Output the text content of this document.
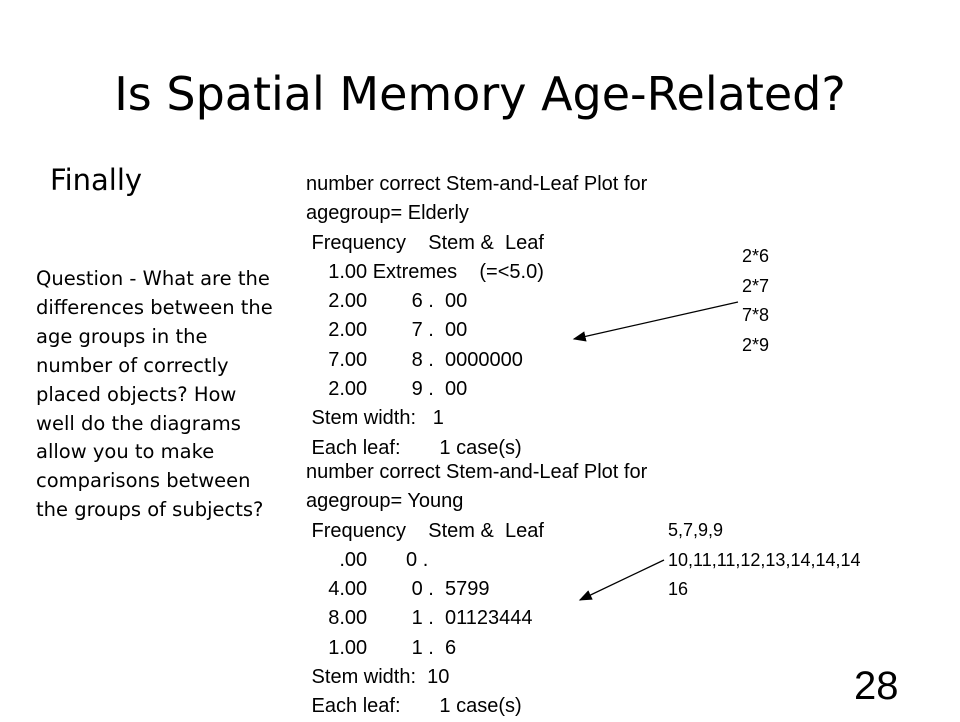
Is Spatial Memory Age-Related?
Finally
Question - What are the differences between the age groups in the number of correctly placed objects? How well do the diagrams allow you to make comparisons between the groups of subjects?
number correct Stem-and-Leaf Plot for
agegroup= Elderly
Frequency    Stem &  Leaf
1.00 Extremes    (=<5.0)
2.00        6 .  00
2.00        7 .  00
7.00        8 .  0000000
2.00        9 .  00
Stem width:   1
Each leaf:       1 case(s)
number correct Stem-and-Leaf Plot for
agegroup= Young
Frequency    Stem &  Leaf
.00       0 .
4.00        0 .  5799
8.00        1 .  01123444
1.00        1 .  6
Stem width:  10
Each leaf:       1 case(s)
2*6
2*7
7*8
2*9
5,7,9,9
10,11,11,12,13,14,14,14
16
28
